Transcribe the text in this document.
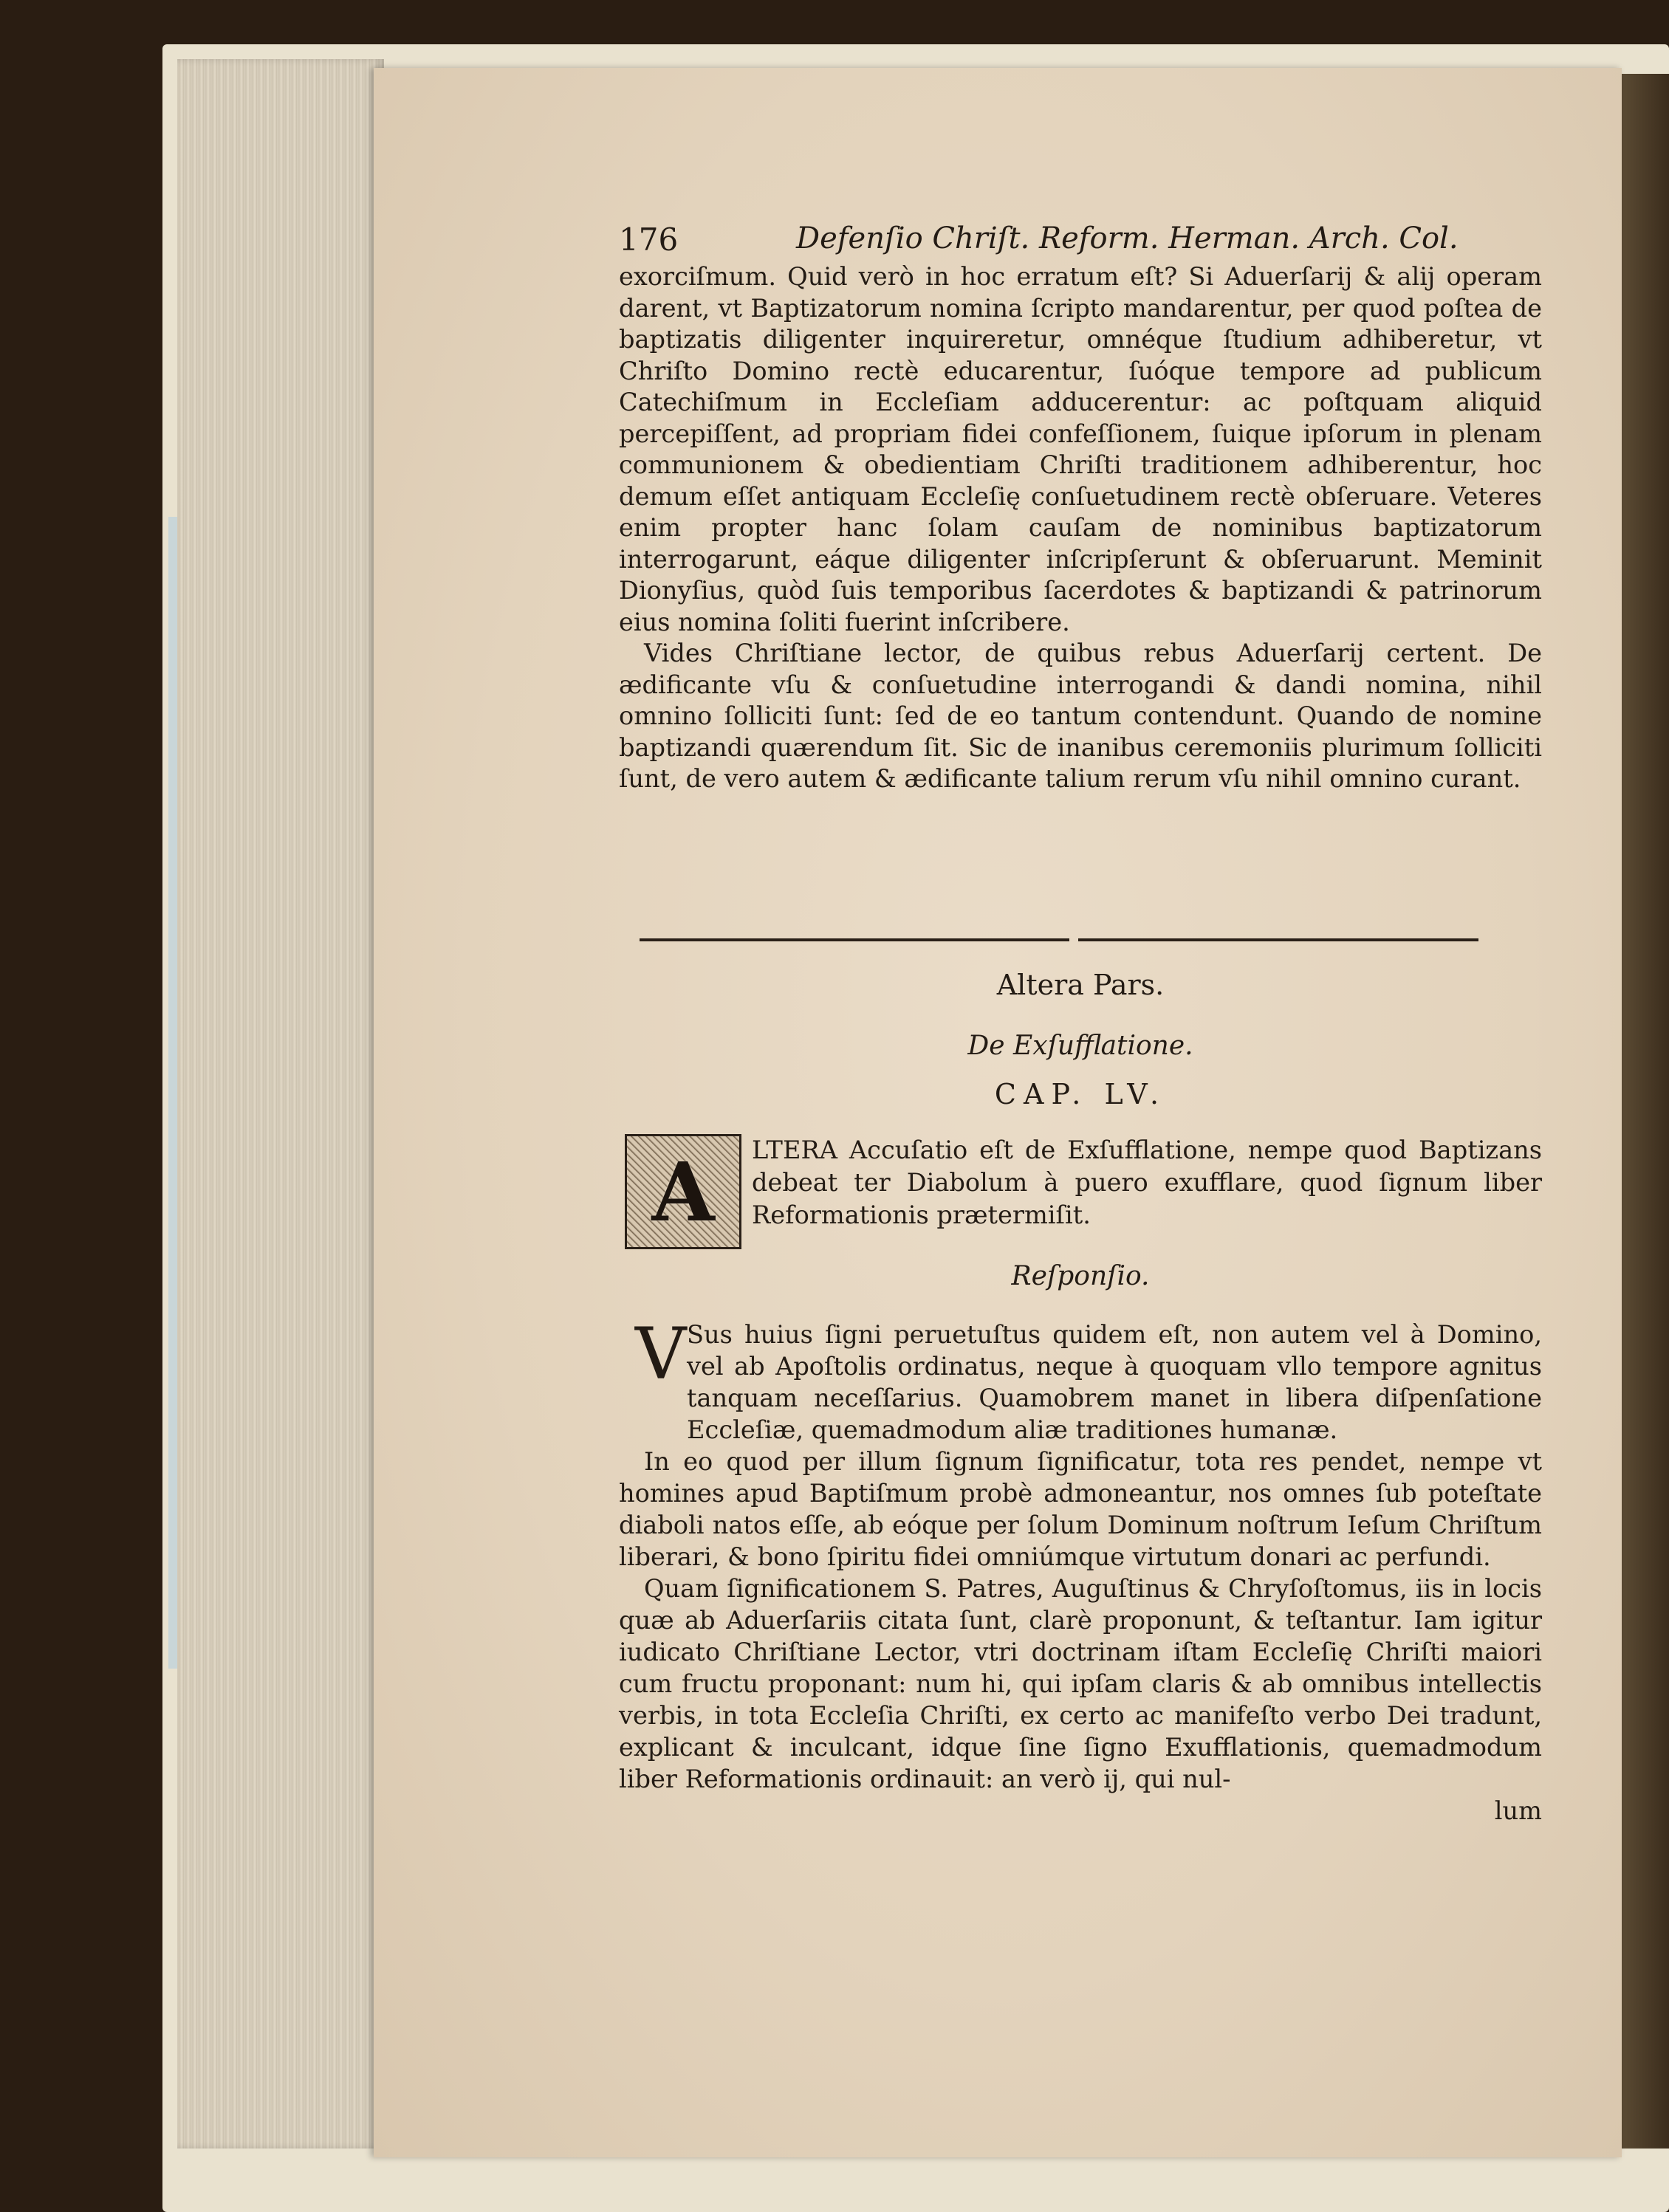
176	Defenſio Chriſt. Reform. Herman. Arch. Col.

exorciſmum. Quid verò in hoc erratum eſt? Si Aduerſarij & alij operam darent, vt Baptizatorum nomina ſcripto mandarentur, per quod poſtea de baptizatis diligenter inquireretur, omnéque ſtudium adhiberetur, vt Chriſto Domino rectè educarentur, ſuóque tempore ad publicum Catechiſmum in Eccleſiam adducerentur: ac poſtquam aliquid percepiſſent, ad propriam fidei confeſſionem, ſuique ipſorum in plenam communionem & obedientiam Chriſti traditionem adhiberentur, hoc demum eſſet antiquam Eccleſię conſuetudinem rectè obſeruare. Veteres enim propter hanc ſolam cauſam de nominibus baptizatorum interrogarunt, eáque diligenter inſcripſerunt & obſeruarunt. Meminit Dionyſius, quòd ſuis temporibus ſacerdotes & baptizandi & patrinorum eius nomina ſoliti fuerint inſcribere.

Vides Chriſtiane lector, de quibus rebus Aduerſarij certent. De ædificante vſu & conſuetudine interrogandi & dandi nomina, nihil omnino ſolliciti ſunt: ſed de eo tantum contendunt. Quando de nomine baptizandi quærendum ſit. Sic de inanibus ceremoniis plurimum ſolliciti ſunt, de vero autem & ædificante talium rerum vſu nihil omnino curant.

Altera Pars.
De Exſufflatione.
CAP. LV.
A	LTERA Accuſatio eſt de Exſufflatione, nempe quod Baptizans debeat ter Diabolum à puero exufflare, quod ſignum liber Reformationis prætermiſit.
Reſponſio.
V Sus huius ſigni peruetuſtus quidem eſt, non autem vel à Domino, vel ab Apoſtolis ordinatus, neque à quoquam vllo tempore agnitus tanquam neceſſarius. Quamobrem manet in libera diſpenſatione Eccleſiæ, quemadmodum aliæ traditiones humanæ.

In eo quod per illum ſignum ſignificatur, tota res pendet, nempe vt homines apud Baptiſmum probè admoneantur, nos omnes ſub poteſtate diaboli natos eſſe, ab eóque per ſolum Dominum noſtrum Ieſum Chriſtum liberari, & bono ſpiritu fidei omniúmque virtutum donari ac perfundi.

Quam ſignificationem S. Patres, Auguſtinus & Chryſoſtomus, iis in locis quæ ab Aduerſariis citata ſunt, clarè proponunt, & teſtantur. Iam igitur iudicato Chriſtiane Lector, vtri doctrinam iſtam Eccleſię Chriſti maiori cum fructu proponant: num hi, qui ipſam claris & ab omnibus intellectis verbis, in tota Eccleſia Chriſti, ex certo ac manifeſto verbo Dei tradunt, explicant & inculcant, idque ſine ſigno Exufflationis, quemadmodum liber Reformationis ordinauit: an verò ij, qui nul-

lum
